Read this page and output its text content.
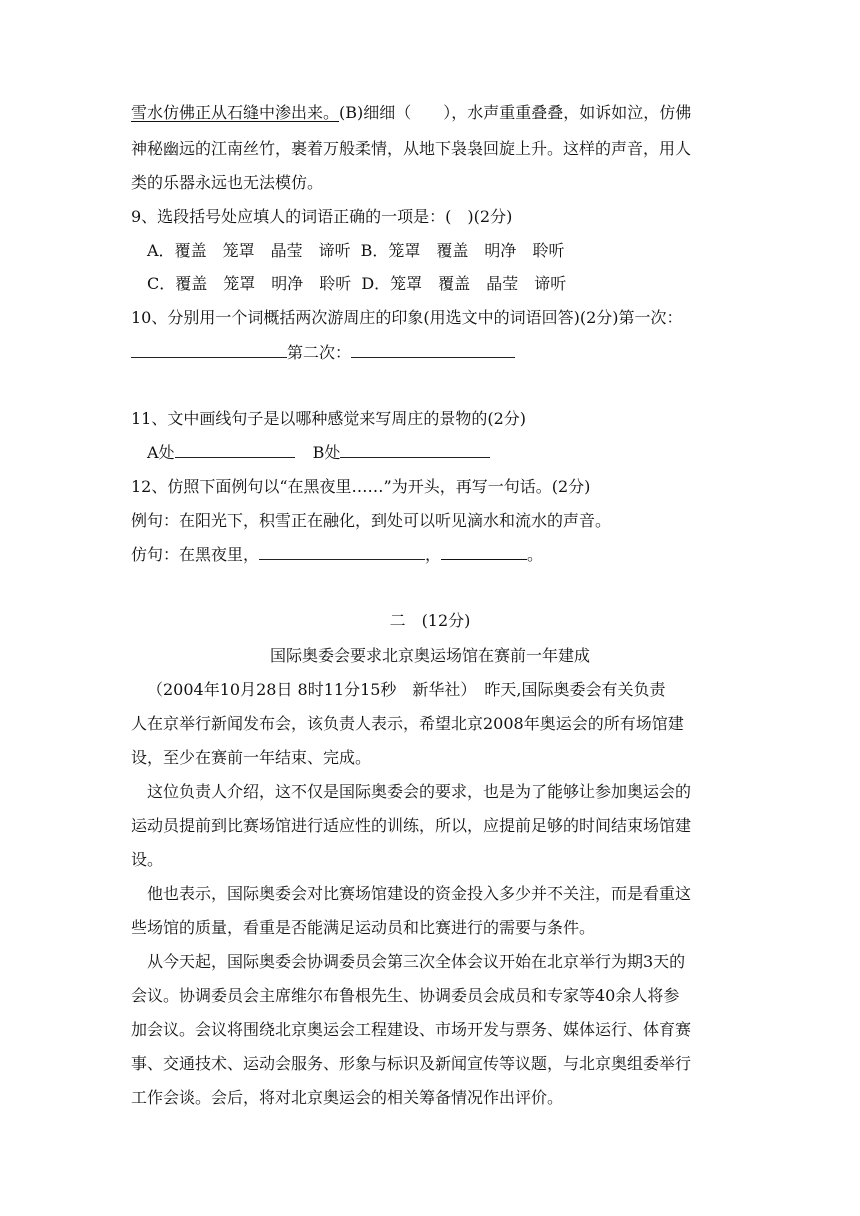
雪水仿佛正从石缝中渗出来。(B)细细（　　），水声重重叠叠，如诉如泣，仿佛
神秘幽远的江南丝竹，裹着万般柔情，从地下袅袅回旋上升。这样的声音，用人
类的乐器永远也无法模仿。
9、选段括号处应填人的词语正确的一项是：(　)(2分)
A．覆盖 笼罩 晶莹 谛听 B．笼罩 覆盖 明净 聆听
C．覆盖 笼罩 明净 聆听 D．笼罩 覆盖 晶莹 谛听
10、分别用一个词概括两次游周庄的印象(用选文中的词语回答)(2分)第一次：
第二次：
11、文中画线句子是以哪种感觉来写周庄的景物的(2分)
A处	B处
12、仿照下面例句以“在黑夜里……”为开头，再写一句话。(2分)
例句：在阳光下，积雪正在融化，到处可以听见滴水和流水的声音。
仿句：在黑夜里，	，	。
二　(12分)
国际奥委会要求北京奥运场馆在赛前一年建成
（2004年10月28日 8时11分15秒　新华社）　昨天,国际奥委会有关负责
人在京举行新闻发布会，该负责人表示，希望北京2008年奥运会的所有场馆建
设，至少在赛前一年结束、完成。
这位负责人介绍，这不仅是国际奥委会的要求，也是为了能够让参加奥运会的
运动员提前到比赛场馆进行适应性的训练，所以，应提前足够的时间结束场馆建
设。
他也表示，国际奥委会对比赛场馆建设的资金投入多少并不关注，而是看重这
些场馆的质量，看重是否能满足运动员和比赛进行的需要与条件。
从今天起，国际奥委会协调委员会第三次全体会议开始在北京举行为期3天的
会议。协调委员会主席维尔布鲁根先生、协调委员会成员和专家等40余人将参
加会议。会议将围绕北京奥运会工程建设、市场开发与票务、媒体运行、体育赛
事、交通技术、运动会服务、形象与标识及新闻宣传等议题，与北京奥组委举行
工作会谈。会后，将对北京奥运会的相关筹备情况作出评价。
